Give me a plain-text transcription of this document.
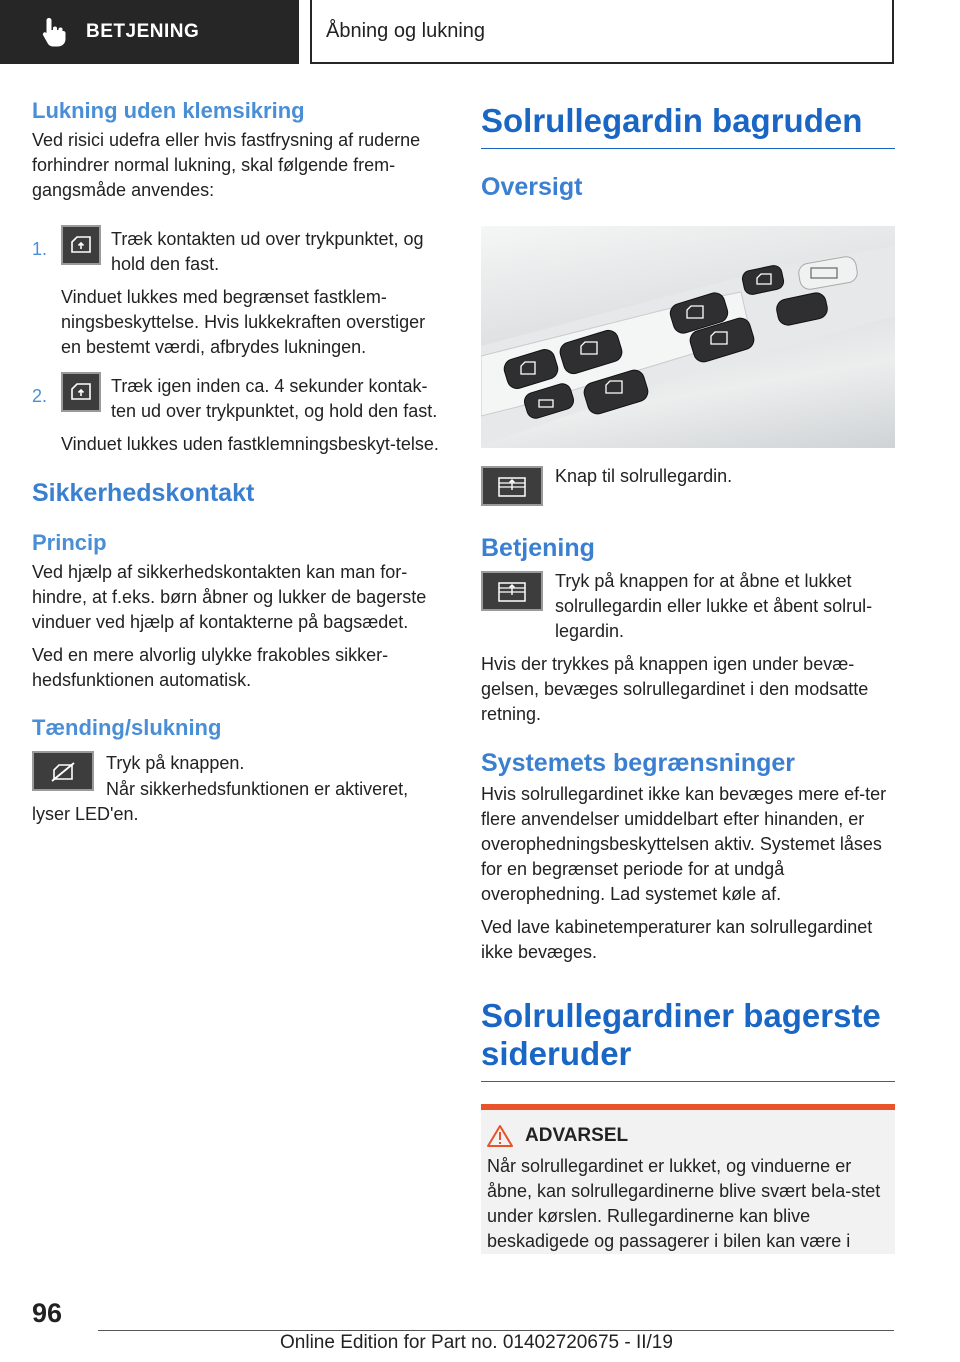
BETJENING	Åbning og lukning
Lukning uden klemsikring

Ved risici udefra eller hvis fastfrysning af ruderne forhindrer normal lukning, skal følgende frem-gangsmåde anvendes:

1.	Træk kontakten ud over trykpunktet, og hold den fast.

Vinduet lukkes med begrænset fastklem-ningsbeskyttelse. Hvis lukkekraften overstiger en bestemt værdi, afbrydes lukningen.

2.	Træk igen inden ca. 4 sekunder kontak-ten ud over trykpunktet, og hold den fast.

Vinduet lukkes uden fastklemningsbeskyt-telse.

Sikkerhedskontakt
Princip

Ved hjælp af sikkerhedskontakten kan man for-hindre, at f.eks. børn åbner og lukker de bagerste vinduer ved hjælp af kontakterne på bagsædet.

Ved en mere alvorlig ulykke frakobles sikker-hedsfunktionen automatisk.

Tænding/slukning

Tryk på knappen.

Når sikkerhedsfunktionen er aktiveret, lyser LED'en.

Solrullegardin bagruden
Oversigt

Knap til solrullegardin.

Betjening

Tryk på knappen for at åbne et lukket solrullegardin eller lukke et åbent solrul-legardin.

Hvis der trykkes på knappen igen under bevæ-gelsen, bevæges solrullegardinet i den modsatte retning.

Systemets begrænsninger

Hvis solrullegardinet ikke kan bevæges mere ef-ter flere anvendelser umiddelbart efter hinanden, er overophedningsbeskyttelsen aktiv. Systemet låses for en begrænset periode for at undgå overophedning. Lad systemet køle af.

Ved lave kabinetemperaturer kan solrullegardinet ikke bevæges.

Solrullegardiner bagerste sideruder
ADVARSEL

Når solrullegardinet er lukket, og vinduerne er åbne, kan solrullegardinerne blive svært bela-stet under kørslen. Rullegardinerne kan blive beskadigede og passagerer i bilen kan være i

96
Online Edition for Part no. 01402720675 - II/19
